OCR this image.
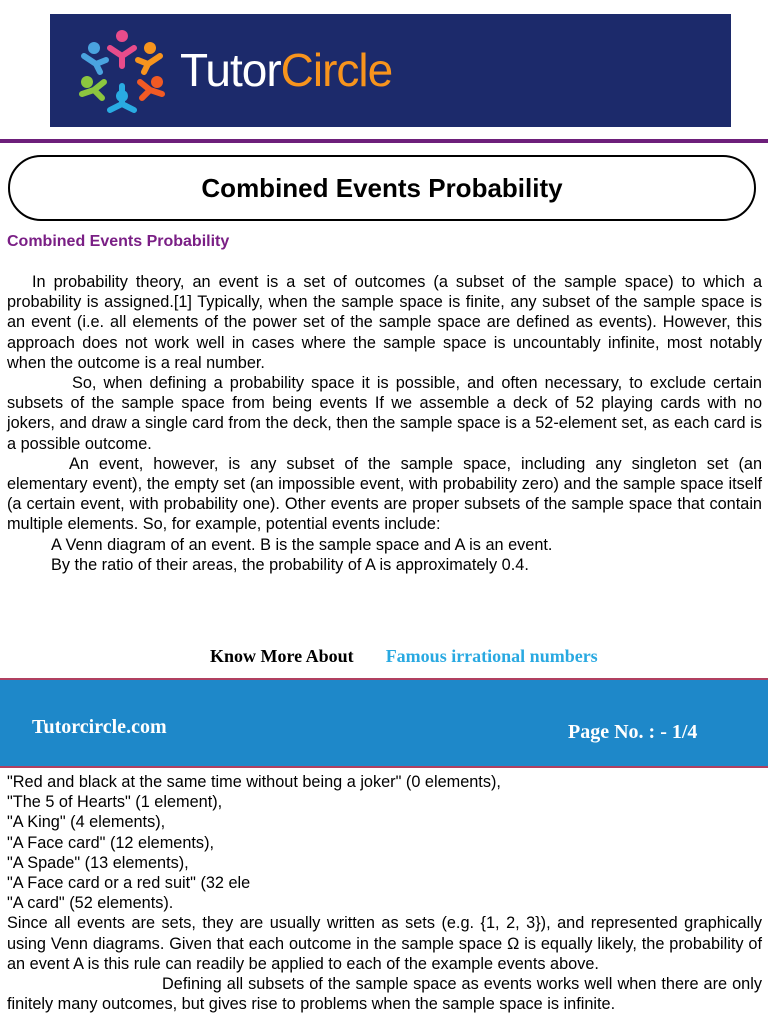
TutorCircle
Combined Events Probability
Combined Events Probability

In probability theory, an event is a set of outcomes (a subset of the sample space) to which a probability is assigned.[1] Typically, when the sample space is finite, any subset of the sample space is an event (i.e. all elements of the power set of the sample space are defined as events). However, this approach does not work well in cases where the sample space is uncountably infinite, most notably when the outcome is a real number.

So, when defining a probability space it is possible, and often necessary, to exclude certain subsets of the sample space from being events If we assemble a deck of 52 playing cards with no jokers, and draw a single card from the deck, then the sample space is a 52-element set, as each card is a possible outcome.

An event, however, is any subset of the sample space, including any singleton set (an elementary event), the empty set (an impossible event, with probability zero) and the sample space itself (a certain event, with probability one). Other events are proper subsets of the sample space that contain multiple elements. So, for example, potential events include:

A Venn diagram of an event. B is the sample space and A is an event.

By the ratio of their areas, the probability of A is approximately 0.4.

Know More About Famous irrational numbers
Tutorcircle.com	Page No. : - 1/4

"Red and black at the same time without being a joker" (0 elements),

"The 5 of Hearts" (1 element),

"A King" (4 elements),

"A Face card" (12 elements),

"A Spade" (13 elements),

"A Face card or a red suit" (32 ele

"A card" (52 elements).

Since all events are sets, they are usually written as sets (e.g. {1, 2, 3}), and represented graphically using Venn diagrams. Given that each outcome in the sample space Ω is equally likely, the probability of an event A is this rule can readily be applied to each of the example events above.

Defining all subsets of the sample space as events works well when there are only finitely many outcomes, but gives rise to problems when the sample space is infinite.
